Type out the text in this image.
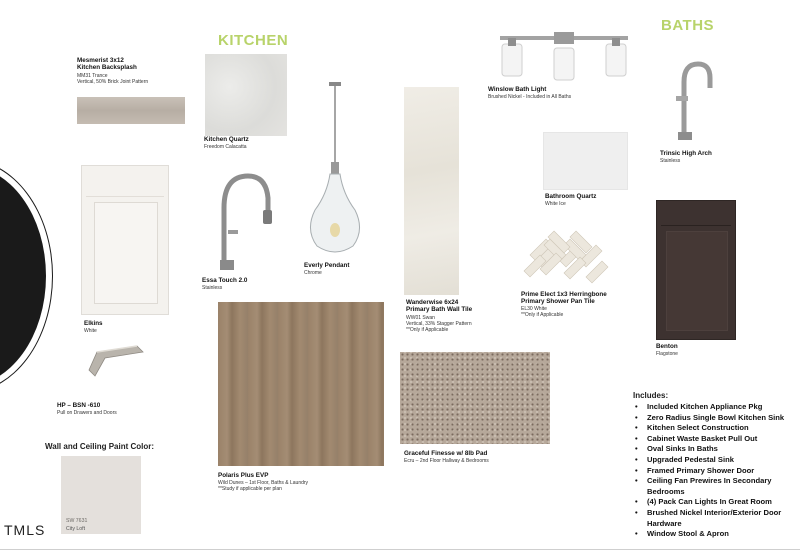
KITCHEN
BATHS
Mesmerist 3x12
Kitchen Backsplash
MM31 Trance
Vertical, 50% Brick Joint Pattern
Kitchen Quartz
Freedom Calacatta
Elkins
White
HP – BSN -610
Pull on Drawers and Doors
Wall and Ceiling Paint Color:
SW 7631
City Loft
Essa Touch 2.0
Stainless
Everly Pendant
Chrome
Wanderwise 6x24
Primary Bath Wall Tile
WW01 Swan
Vertical, 33% Stagger Pattern
**Only if Applicable
Polaris Plus EVP
Wild Dunes – 1st Floor, Baths & Laundry
**Study if applicable per plan
Graceful Finesse w/ 8lb Pad
Ecru – 2nd Floor Hallway & Bedrooms
Winslow Bath Light
Brushed Nickel - Included in All Baths
Bathroom Quartz
White Ice
Prime Elect 1x3 Herringbone
Primary Shower Pan Tile
EL30 White
**Only if Applicable
Trinsic High Arch
Stainless
Benton
Flagstone
Includes:
• Included Kitchen Appliance Pkg
• Zero Radius Single Bowl Kitchen Sink
• Kitchen Select Construction
• Cabinet Waste Basket Pull Out
• Oval Sinks In Baths
• Upgraded Pedestal Sink
• Framed Primary Shower Door
• Ceiling Fan Prewires In Secondary Bedrooms
• (4) Pack Can Lights In Great Room
• Brushed Nickel Interior/Exterior Door Hardware
• Window Stool & Apron
TMLS
